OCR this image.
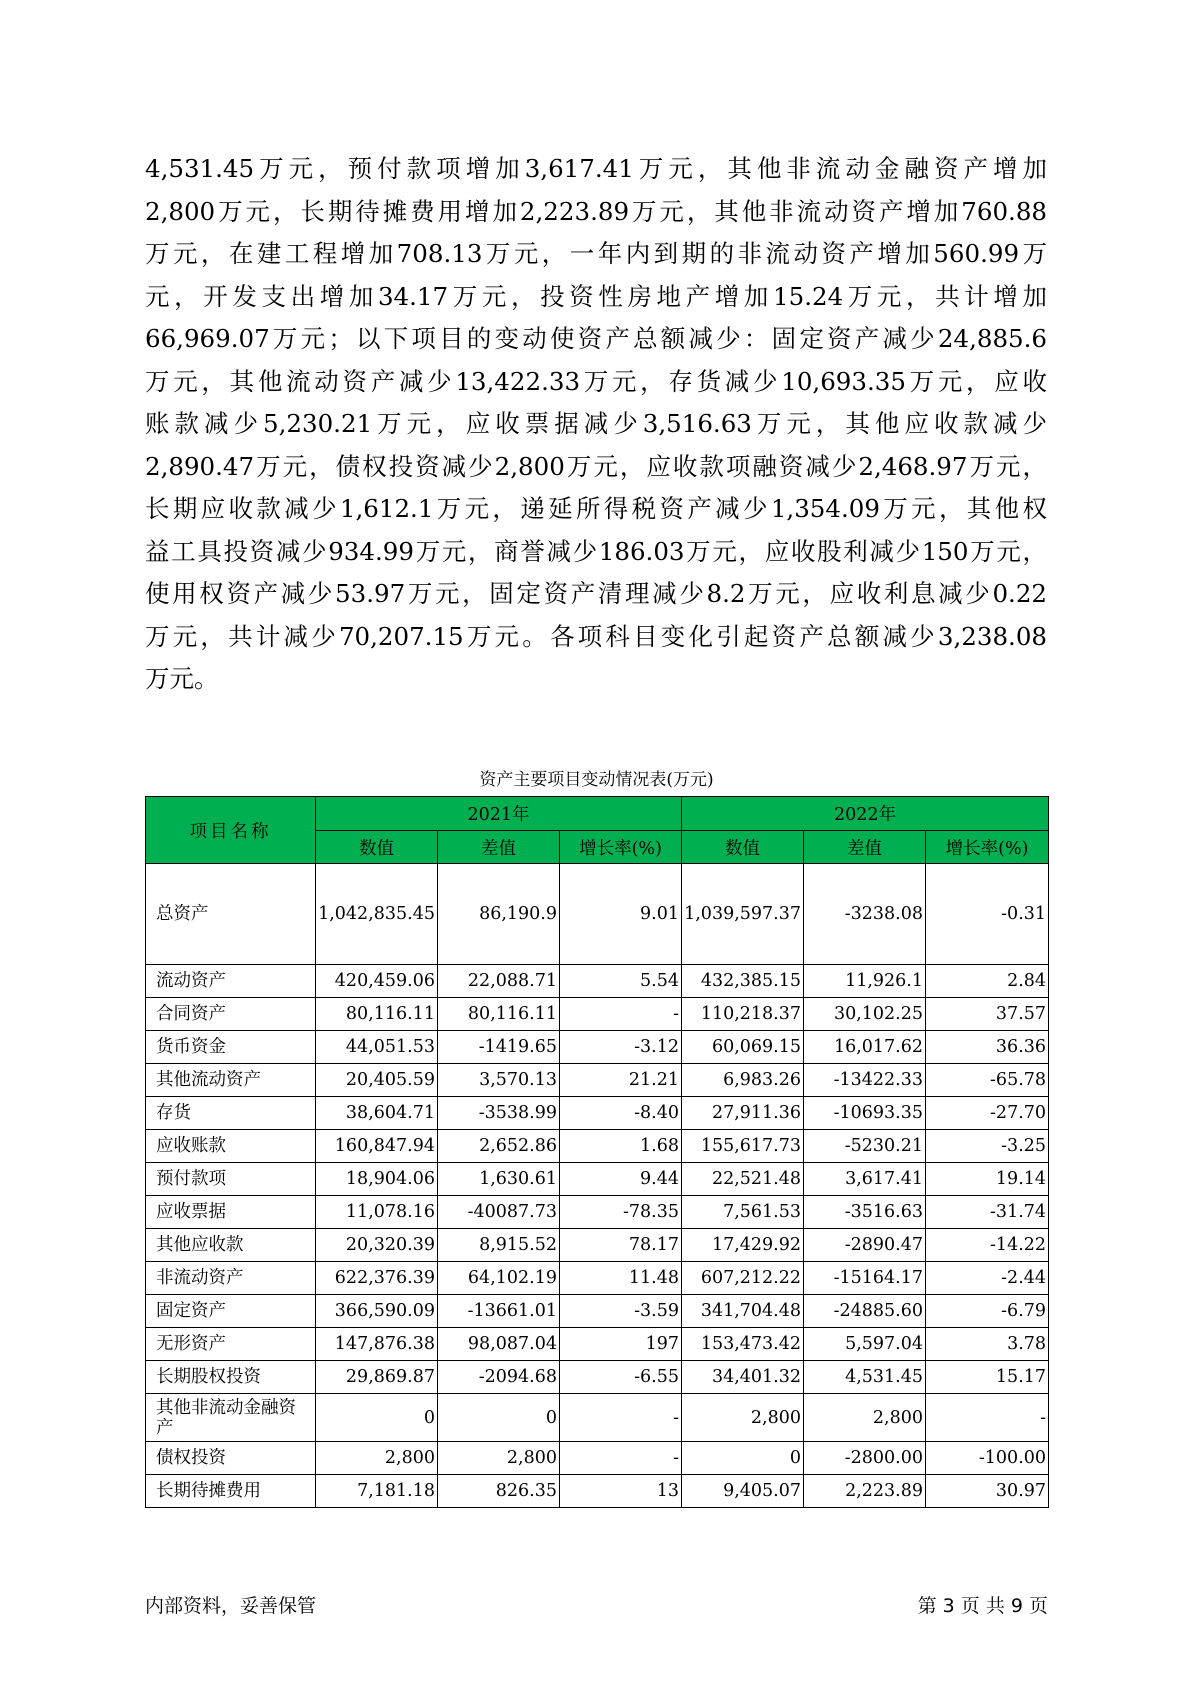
4,531.45万元，预付款项增加3,617.41万元，其他非流动金融资产增加
2,800万元，长期待摊费用增加2,223.89万元，其他非流动资产增加760.88
万元，在建工程增加708.13万元，一年内到期的非流动资产增加560.99万
元，开发支出增加34.17万元，投资性房地产增加15.24万元，共计增加
66,969.07万元；以下项目的变动使资产总额减少：固定资产减少24,885.6
万元，其他流动资产减少13,422.33万元，存货减少10,693.35万元，应收
账款减少5,230.21万元，应收票据减少3,516.63万元，其他应收款减少
2,890.47万元，债权投资减少2,800万元，应收款项融资减少2,468.97万元，
长期应收款减少1,612.1万元，递延所得税资产减少1,354.09万元，其他权
益工具投资减少934.99万元，商誉减少186.03万元，应收股利减少150万元，
使用权资产减少53.97万元，固定资产清理减少8.2万元，应收利息减少0.22
万元，共计减少70,207.15万元。各项科目变化引起资产总额减少3,238.08
万元。
资产主要项目变动情况表(万元)
项目名称	2021年			2022年		
	数值	差值	增长率(%)	数值	差值	增长率(%)
总资产	1,042,835.45	86,190.9	9.01	1,039,597.37	-3238.08	-0.31
流动资产	420,459.06	22,088.71	5.54	432,385.15	11,926.1	2.84
合同资产	80,116.11	80,116.11	-	110,218.37	30,102.25	37.57
货币资金	44,051.53	-1419.65	-3.12	60,069.15	16,017.62	36.36
其他流动资产	20,405.59	3,570.13	21.21	6,983.26	-13422.33	-65.78
存货	38,604.71	-3538.99	-8.40	27,911.36	-10693.35	-27.70
应收账款	160,847.94	2,652.86	1.68	155,617.73	-5230.21	-3.25
预付款项	18,904.06	1,630.61	9.44	22,521.48	3,617.41	19.14
应收票据	11,078.16	-40087.73	-78.35	7,561.53	-3516.63	-31.74
其他应收款	20,320.39	8,915.52	78.17	17,429.92	-2890.47	-14.22
非流动资产	622,376.39	64,102.19	11.48	607,212.22	-15164.17	-2.44
固定资产	366,590.09	-13661.01	-3.59	341,704.48	-24885.60	-6.79
无形资产	147,876.38	98,087.04	197	153,473.42	5,597.04	3.78
长期股权投资	29,869.87	-2094.68	-6.55	34,401.32	4,531.45	15.17
其他非流动金融资产	0	0	-	2,800	2,800	-
债权投资	2,800	2,800	-	0	-2800.00	-100.00
长期待摊费用	7,181.18	826.35	13	9,405.07	2,223.89	30.97
内部资料，妥善保管	第 3 页 共 9 页
